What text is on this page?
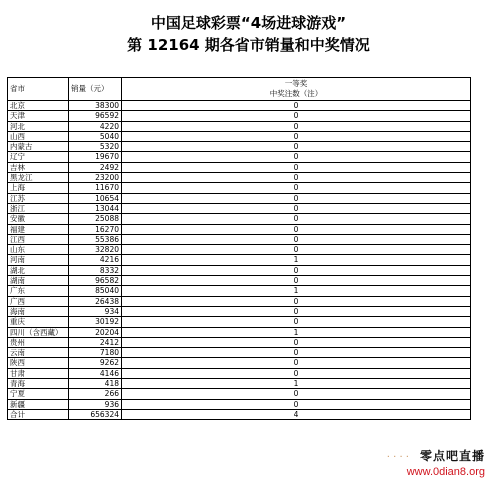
中国足球彩票“4场进球游戏”
第 12164 期各省市销量和中奖情况
省市	销量（元）	一等奖
中奖注数（注）

北京	38300	0
天津	96592	0
河北	4220	0
山西	5040	0
内蒙古	5320	0
辽宁	19670	0
吉林	2492	0
黑龙江	23200	0
上海	11670	0
江苏	10654	0
浙江	13044	0
安徽	25088	0
福建	16270	0
江西	55386	0
山东	32820	0
河南	4216	1
湖北	8332	0
湖南	96582	0
广东	85040	1
广西	26438	0
海南	934	0
重庆	30192	0
四川（含西藏）	20204	1
贵州	2412	0
云南	7180	0
陕西	9262	0
甘肃	4146	0
青海	418	1
宁夏	266	0
新疆	936	0
合计	656324	4
· · · · 零点吧直播
www.0dian8.org
